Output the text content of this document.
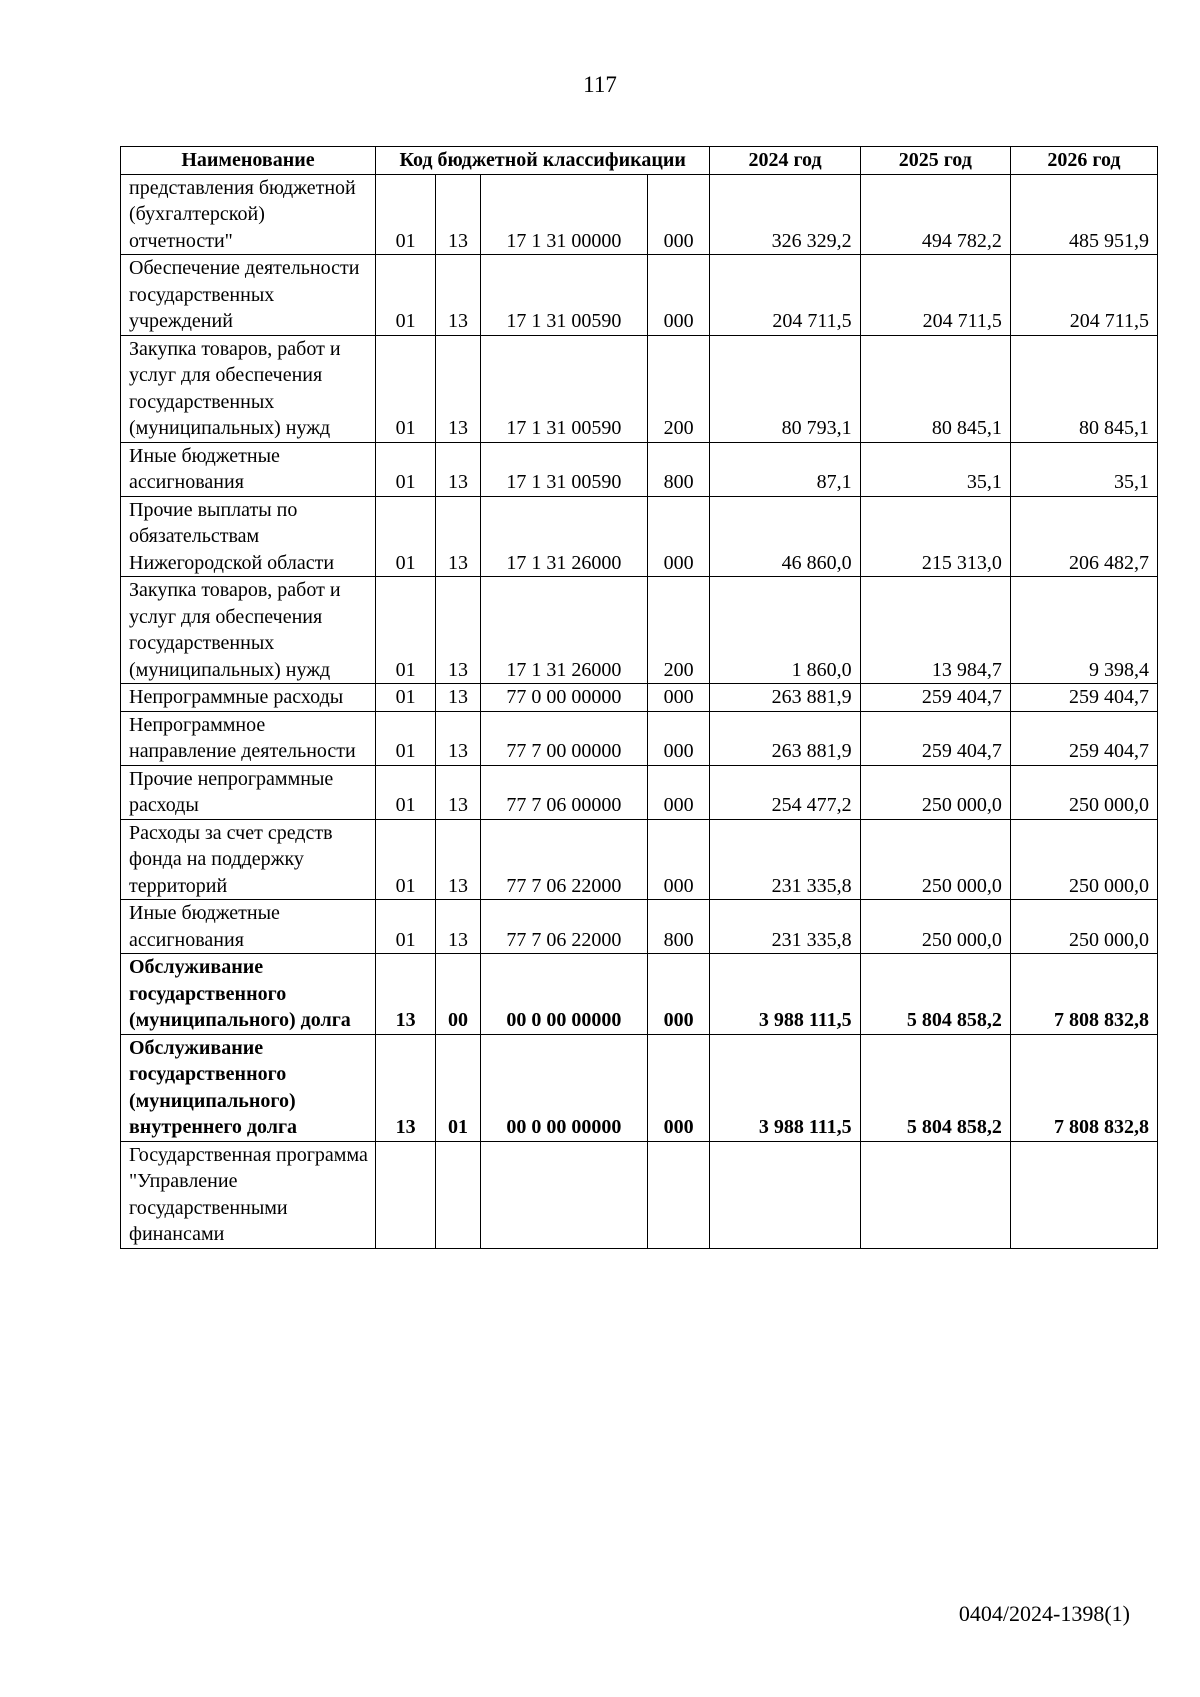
117
Наименование	Код бюджетной классификации				2024 год	2025 год	2026 год
представления бюджетной (бухгалтерской) отчетности"	01	13	17 1 31 00000	000	326 329,2	494 782,2	485 951,9
Обеспечение деятельности государственных учреждений	01	13	17 1 31 00590	000	204 711,5	204 711,5	204 711,5
Закупка товаров, работ и услуг для обеспечения государственных (муниципальных) нужд	01	13	17 1 31 00590	200	80 793,1	80 845,1	80 845,1
Иные бюджетные ассигнования	01	13	17 1 31 00590	800	87,1	35,1	35,1
Прочие выплаты по обязательствам Нижегородской области	01	13	17 1 31 26000	000	46 860,0	215 313,0	206 482,7
Закупка товаров, работ и услуг для обеспечения государственных (муниципальных) нужд	01	13	17 1 31 26000	200	1 860,0	13 984,7	9 398,4
Непрограммные расходы	01	13	77 0 00 00000	000	263 881,9	259 404,7	259 404,7
Непрограммное направление деятельности	01	13	77 7 00 00000	000	263 881,9	259 404,7	259 404,7
Прочие непрограммные расходы	01	13	77 7 06 00000	000	254 477,2	250 000,0	250 000,0
Расходы за счет средств фонда на поддержку территорий	01	13	77 7 06 22000	000	231 335,8	250 000,0	250 000,0
Иные бюджетные ассигнования	01	13	77 7 06 22000	800	231 335,8	250 000,0	250 000,0
Обслуживание государственного (муниципального) долга	13	00	00 0 00 00000	000	3 988 111,5	5 804 858,2	7 808 832,8
Обслуживание государственного (муниципального) внутреннего долга	13	01	00 0 00 00000	000	3 988 111,5	5 804 858,2	7 808 832,8
Государственная программа "Управление государственными финансами							
0404/2024-1398(1)
